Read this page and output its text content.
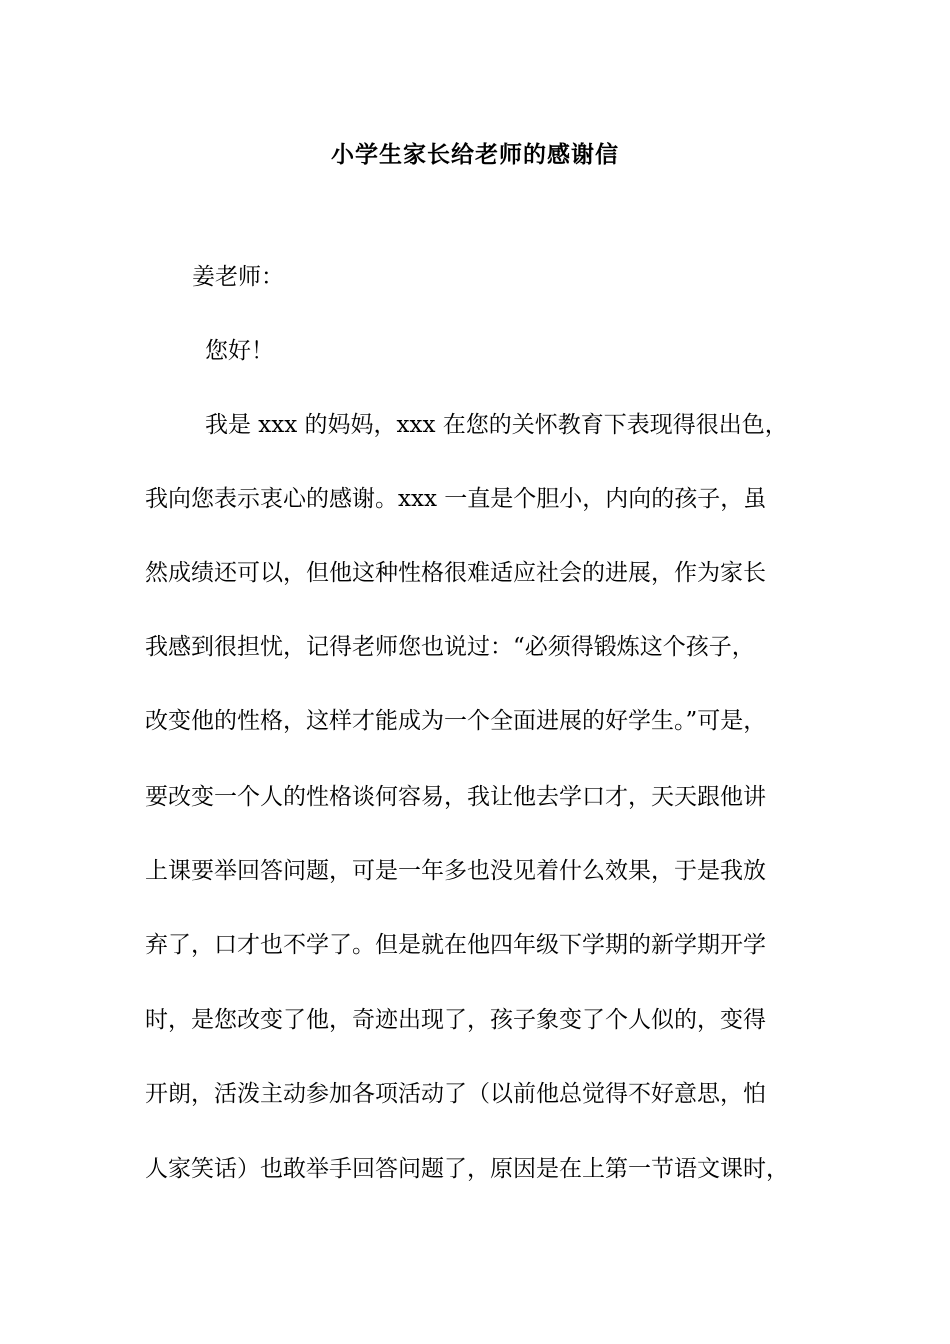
小学生家长给老师的感谢信
姜老师：
您好！
我是 xxx 的妈妈，xxx 在您的关怀教育下表现得很出色，
我向您表示衷心的感谢。xxx 一直是个胆小，内向的孩子，虽
然成绩还可以，但他这种性格很难适应社会的进展，作为家长
我感到很担忧，记得老师您也说过：“必须得锻炼这个孩子，
改变他的性格，这样才能成为一个全面进展的好学生。”可是，
要改变一个人的性格谈何容易，我让他去学口才，天天跟他讲
上课要举回答问题，可是一年多也没见着什么效果，于是我放
弃了，口才也不学了。但是就在他四年级下学期的新学期开学
时，是您改变了他，奇迹出现了，孩子象变了个人似的，变得
开朗，活泼主动参加各项活动了（以前他总觉得不好意思，怕
人家笑话）也敢举手回答问题了，原因是在上第一节语文课时，
